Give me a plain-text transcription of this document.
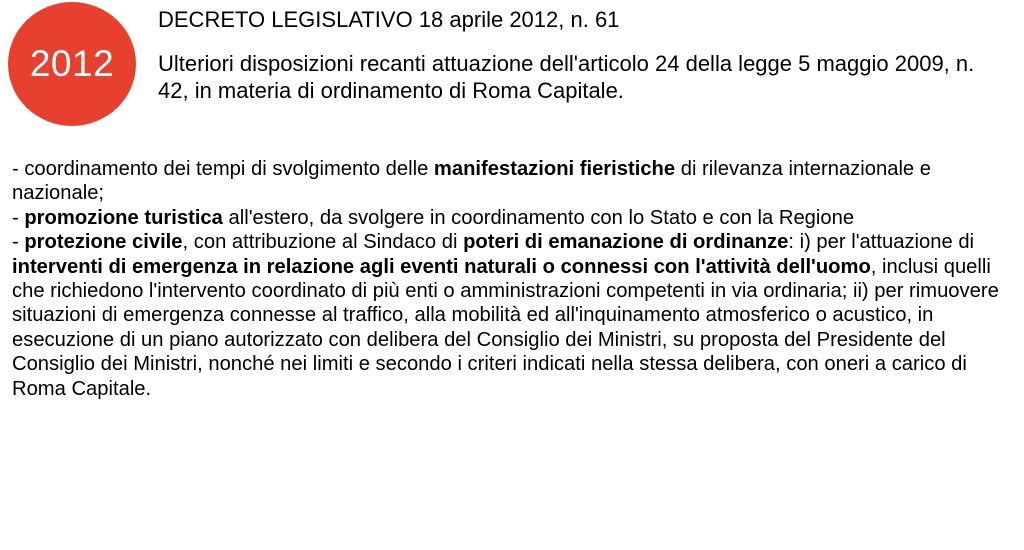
2012

DECRETO LEGISLATIVO 18 aprile 2012, n. 61

Ulteriori disposizioni recanti attuazione dell'articolo 24 della legge 5 maggio 2009, n. 42, in materia di ordinamento di Roma Capitale.

- coordinamento dei tempi di svolgimento delle manifestazioni fieristiche di rilevanza internazionale e nazionale;

- promozione turistica all'estero, da svolgere in coordinamento con lo Stato e con la Regione

- protezione civile, con attribuzione al Sindaco di poteri di emanazione di ordinanze: i) per l'attuazione di interventi di emergenza in relazione agli eventi naturali o connessi con l'attività dell'uomo, inclusi quelli che richiedono l'intervento coordinato di più enti o amministrazioni competenti in via ordinaria; ii) per rimuovere situazioni di emergenza connesse al traffico, alla mobilità ed all'inquinamento atmosferico o acustico, in esecuzione di un piano autorizzato con delibera del Consiglio dei Ministri, su proposta del Presidente del Consiglio dei Ministri, nonché nei limiti e secondo i criteri indicati nella stessa delibera, con oneri a carico di Roma Capitale.
